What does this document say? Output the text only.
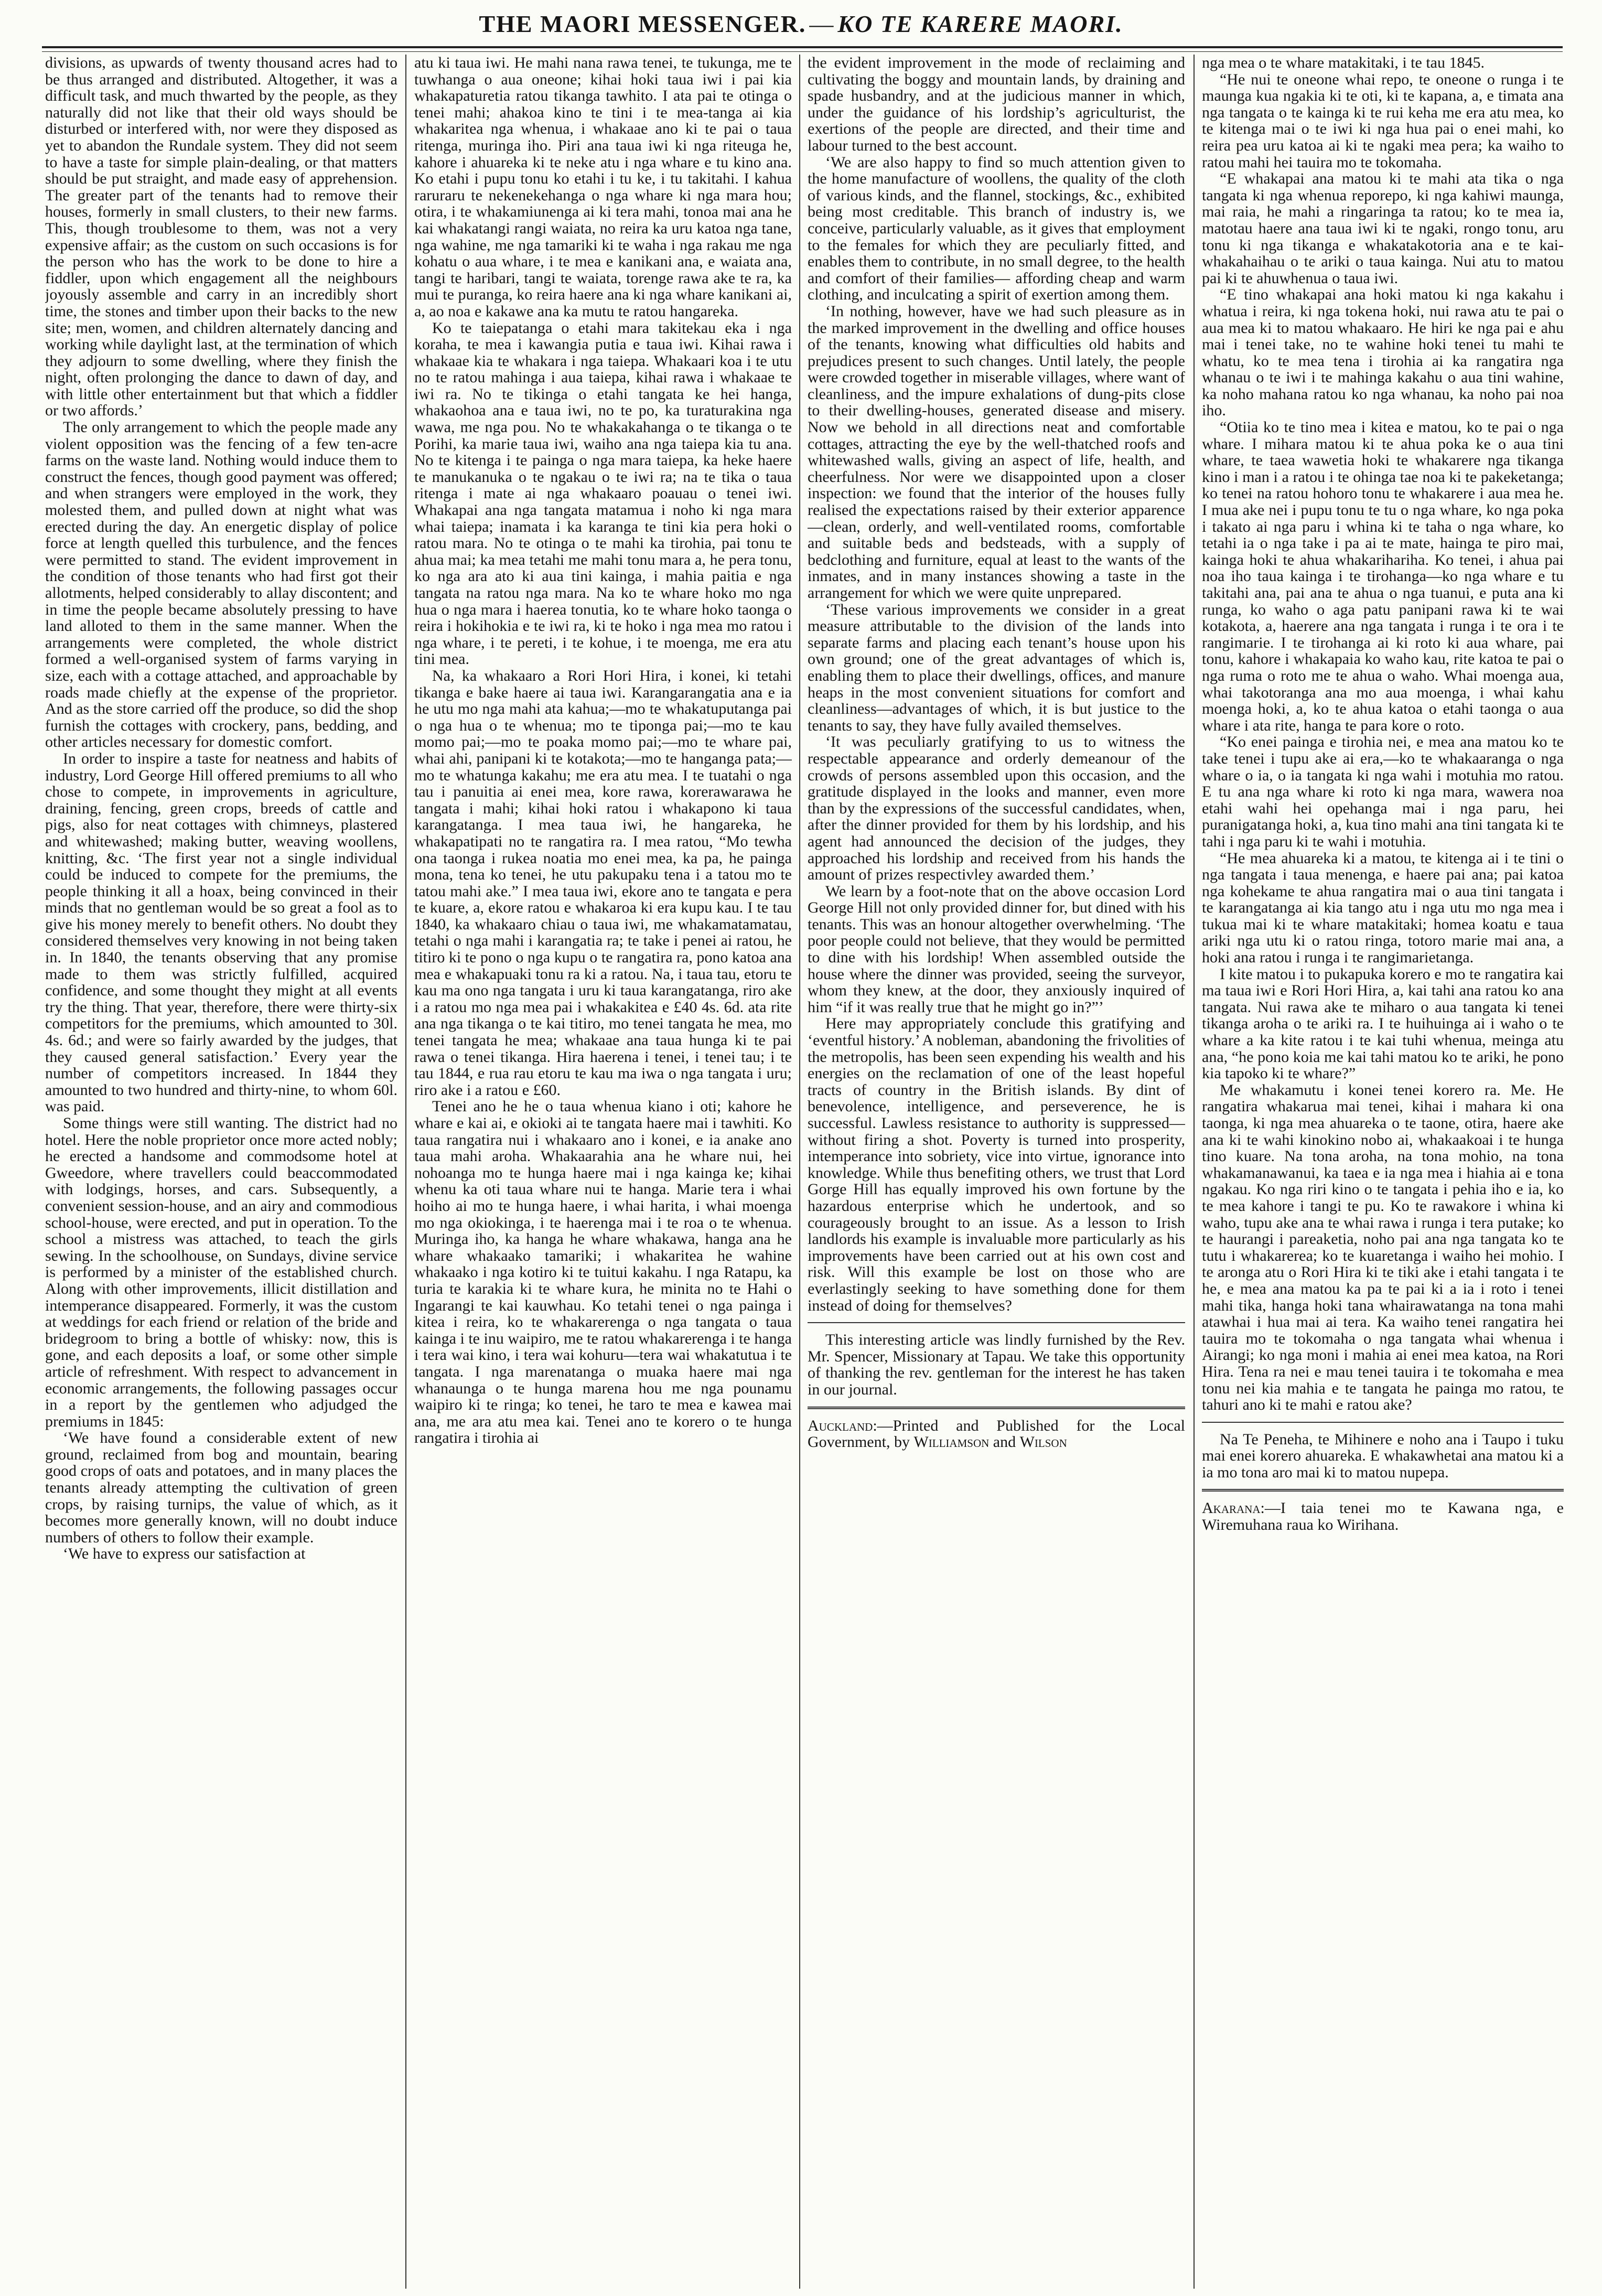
THE MAORI MESSENGER. — KO TE KARERE MAORI.

divisions, as upwards of twenty thousand acres had to be thus arranged and distributed. Altogether, it was a difficult task, and much thwarted by the people, as they naturally did not like that their old ways should be disturbed or interfered with, nor were they disposed as yet to abandon the Rundale system. They did not seem to have a taste for simple plain-dealing, or that matters should be put straight, and made easy of apprehension. The greater part of the tenants had to remove their houses, formerly in small clusters, to their new farms. This, though troublesome to them, was not a very expensive affair; as the custom on such occasions is for the person who has the work to be done to hire a fiddler, upon which engagement all the neighbours joyously assemble and carry in an incredibly short time, the stones and timber upon their backs to the new site; men, women, and children alternately dancing and working while daylight last, at the termination of which they adjourn to some dwelling, where they finish the night, often prolonging the dance to dawn of day, and with little other entertainment but that which a fiddler or two affords.’

The only arrangement to which the people made any violent opposition was the fencing of a few ten-acre farms on the waste land. Nothing would induce them to construct the fences, though good payment was offered; and when strangers were employed in the work, they molested them, and pulled down at night what was erected during the day. An energetic display of police force at length quelled this turbulence, and the fences were permitted to stand. The evident improvement in the condition of those tenants who had first got their allotments, helped considerably to allay discontent; and in time the people became absolutely pressing to have land alloted to them in the same manner. When the arrangements were completed, the whole district formed a well-organised system of farms varying in size, each with a cottage attached, and approachable by roads made chiefly at the expense of the proprietor. And as the store carried off the produce, so did the shop furnish the cottages with crockery, pans, bedding, and other articles necessary for domestic comfort.

In order to inspire a taste for neatness and habits of industry, Lord George Hill offered premiums to all who chose to compete, in improvements in agriculture, draining, fencing, green crops, breeds of cattle and pigs, also for neat cottages with chimneys, plastered and whitewashed; making butter, weaving woollens, knitting, &c. ‘The first year not a single individual could be induced to compete for the premiums, the people thinking it all a hoax, being convinced in their minds that no gentleman would be so great a fool as to give his money merely to benefit others. No doubt they considered themselves very knowing in not being taken in. In 1840, the tenants observing that any promise made to them was strictly fulfilled, acquired confidence, and some thought they might at all events try the thing. That year, therefore, there were thirty-six competitors for the premiums, which amounted to 30l. 4s. 6d.; and were so fairly awarded by the judges, that they caused general satisfaction.’ Every year the number of competitors increased. In 1844 they amounted to two hundred and thirty-nine, to whom 60l. was paid.

Some things were still wanting. The district had no hotel. Here the noble proprietor once more acted nobly; he erected a handsome and commodsome hotel at Gweedore, where travellers could beaccommodated with lodgings, horses, and cars. Subsequently, a convenient session-house, and an airy and commodious school-house, were erected, and put in operation. To the school a mistress was attached, to teach the girls sewing. In the schoolhouse, on Sundays, divine service is performed by a minister of the established church. Along with other improvements, illicit distillation and intemperance disappeared. Formerly, it was the custom at weddings for each friend or relation of the bride and bridegroom to bring a bottle of whisky: now, this is gone, and each deposits a loaf, or some other simple article of refreshment. With respect to advancement in economic arrangements, the following passages occur in a report by the gentlemen who adjudged the premiums in 1845:

‘We have found a considerable extent of new ground, reclaimed from bog and mountain, bearing good crops of oats and potatoes, and in many places the tenants already attempting the cultivation of green crops, by raising turnips, the value of which, as it becomes more generally known, will no doubt induce numbers of others to follow their example.

‘We have to express our satisfaction at

atu ki taua iwi. He mahi nana rawa tenei, te tukunga, me te tuwhanga o aua oneone; kihai hoki taua iwi i pai kia whakapaturetia ratou tikanga tawhito. I ata pai te otinga o tenei mahi; ahakoa kino te tini i te mea-tanga ai kia whakaritea nga whenua, i whakaae ano ki te pai o taua ritenga, muringa iho. Piri ana taua iwi ki nga riteuga he, kahore i ahuareka ki te neke atu i nga whare e tu kino ana. Ko etahi i pupu tonu ko etahi i tu ke, i tu takitahi. I kahua raruraru te nekenekehanga o nga whare ki nga mara hou; otira, i te whakamiunenga ai ki tera mahi, tonoa mai ana he kai whakatangi rangi waiata, no reira ka uru katoa nga tane, nga wahine, me nga tamariki ki te waha i nga rakau me nga kohatu o aua whare, i te mea e kanikani ana, e waiata ana, tangi te haribari, tangi te waiata, torenge rawa ake te ra, ka mui te puranga, ko reira haere ana ki nga whare kanikani ai, a, ao noa e kakawe ana ka mutu te ratou hangareka.

Ko te taiepatanga o etahi mara takitekau eka i nga koraha, te mea i kawangia putia e taua iwi. Kihai rawa i whakaae kia te whakara i nga taiepa. Whakaari koa i te utu no te ratou mahinga i aua taiepa, kihai rawa i whakaae te iwi ra. No te tikinga o etahi tangata ke hei hanga, whakaohoa ana e taua iwi, no te po, ka turaturakina nga wawa, me nga pou. No te whakakahanga o te tikanga o te Porihi, ka marie taua iwi, waiho ana nga taiepa kia tu ana. No te kitenga i te painga o nga mara taiepa, ka heke haere te manukanuka o te ngakau o te iwi ra; na te tika o taua ritenga i mate ai nga whakaaro poauau o tenei iwi. Whakapai ana nga tangata matamua i noho ki nga mara whai taiepa; inamata i ka karanga te tini kia pera hoki o ratou mara. No te otinga o te mahi ka tirohia, pai tonu te ahua mai; ka mea tetahi me mahi tonu mara a, he pera tonu, ko nga ara ato ki aua tini kainga, i mahia paitia e nga tangata na ratou nga mara. Na ko te whare hoko mo nga hua o nga mara i haerea tonutia, ko te whare hoko taonga o reira i hokihokia e te iwi ra, ki te hoko i nga mea mo ratou i nga whare, i te pereti, i te kohue, i te moenga, me era atu tini mea.

Na, ka whakaaro a Rori Hori Hira, i konei, ki tetahi tikanga e bake haere ai taua iwi. Karangarangatia ana e ia he utu mo nga mahi ata kahua;—mo te whakatuputanga pai o nga hua o te whenua; mo te tiponga pai;—mo te kau momo pai;—mo te poaka momo pai;—mo te whare pai, whai ahi, panipani ki te kotakota;—mo te hanganga pata;—mo te whatunga kakahu; me era atu mea. I te tuatahi o nga tau i panuitia ai enei mea, kore rawa, korerawarawa he tangata i mahi; kihai hoki ratou i whakapono ki taua karangatanga. I mea taua iwi, he hangareka, he whakapatipati no te rangatira ra. I mea ratou, “Mo tewha ona taonga i rukea noatia mo enei mea, ka pa, he painga mona, tena ko tenei, he utu pakupaku tena i a tatou mo te tatou mahi ake.” I mea taua iwi, ekore ano te tangata e pera te kuare, a, ekore ratou e whakaroa ki era kupu kau. I te tau 1840, ka whakaaro chiau o taua iwi, me whakamatamatau, tetahi o nga mahi i karangatia ra; te take i penei ai ratou, he titiro ki te pono o nga kupu o te rangatira ra, pono katoa ana mea e whakapuaki tonu ra ki a ratou. Na, i taua tau, etoru te kau ma ono nga tangata i uru ki taua karangatanga, riro ake i a ratou mo nga mea pai i whakakitea e £40 4s. 6d. ata rite ana nga tikanga o te kai titiro, mo tenei tangata he mea, mo tenei tangata he mea; whakaae ana taua hunga ki te pai rawa o tenei tikanga. Hira haerena i tenei, i tenei tau; i te tau 1844, e rua rau etoru te kau ma iwa o nga tangata i uru; riro ake i a ratou e £60.

Tenei ano he he o taua whenua kiano i oti; kahore he whare e kai ai, e okioki ai te tangata haere mai i tawhiti. Ko taua rangatira nui i whakaaro ano i konei, e ia anake ano taua mahi aroha. Whakaarahia ana he whare nui, hei nohoanga mo te hunga haere mai i nga kainga ke; kihai whenu ka oti taua whare nui te hanga. Marie tera i whai hoiho ai mo te hunga haere, i whai harita, i whai moenga mo nga okiokinga, i te haerenga mai i te roa o te whenua. Muringa iho, ka hanga he whare whakawa, hanga ana he whare whakaako tamariki; i whakaritea he wahine whakaako i nga kotiro ki te tuitui kakahu. I nga Ratapu, ka turia te karakia ki te whare kura, he minita no te Hahi o Ingarangi te kai kauwhau. Ko tetahi tenei o nga painga i kitea i reira, ko te whakarerenga o nga tangata o taua kainga i te inu waipiro, me te ratou whakarerenga i te hanga i tera wai kino, i tera wai kohuru—tera wai whakatutua i te tangata. I nga marenatanga o muaka haere mai nga whanaunga o te hunga marena hou me nga pounamu waipiro ki te ringa; ko tenei, he taro te mea e kawea mai ana, me ara atu mea kai. Tenei ano te korero o te hunga rangatira i tirohia ai

the evident improvement in the mode of reclaiming and cultivating the boggy and mountain lands, by draining and spade husbandry, and at the judicious manner in which, under the guidance of his lordship’s agriculturist, the exertions of the people are directed, and their time and labour turned to the best account.

‘We are also happy to find so much attention given to the home manufacture of woollens, the quality of the cloth of various kinds, and the flannel, stockings, &c., exhibited being most creditable. This branch of industry is, we conceive, particularly valuable, as it gives that employment to the females for which they are peculiarly fitted, and enables them to contribute, in no small degree, to the health and comfort of their families— affording cheap and warm clothing, and inculcating a spirit of exertion among them.

‘In nothing, however, have we had such pleasure as in the marked improvement in the dwelling and office houses of the tenants, knowing what difficulties old habits and prejudices present to such changes. Until lately, the people were crowded together in miserable villages, where want of cleanliness, and the impure exhalations of dung-pits close to their dwelling-houses, generated disease and misery. Now we behold in all directions neat and comfortable cottages, attracting the eye by the well-thatched roofs and whitewashed walls, giving an aspect of life, health, and cheerfulness. Nor were we disappointed upon a closer inspection: we found that the interior of the houses fully realised the expectations raised by their exterior apparence—clean, orderly, and well-ventilated rooms, comfortable and suitable beds and bedsteads, with a supply of bedclothing and furniture, equal at least to the wants of the inmates, and in many instances showing a taste in the arrangement for which we were quite unprepared.

‘These various improvements we consider in a great measure attributable to the division of the lands into separate farms and placing each tenant’s house upon his own ground; one of the great advantages of which is, enabling them to place their dwellings, offices, and manure heaps in the most convenient situations for comfort and cleanliness—advantages of which, it is but justice to the tenants to say, they have fully availed themselves.

‘It was peculiarly gratifying to us to witness the respectable appearance and orderly demeanour of the crowds of persons assembled upon this occasion, and the gratitude displayed in the looks and manner, even more than by the expressions of the successful candidates, when, after the dinner provided for them by his lordship, and his agent had announced the decision of the judges, they approached his lordship and received from his hands the amount of prizes respectivley awarded them.’

We learn by a foot-note that on the above occasion Lord George Hill not only provided dinner for, but dined with his tenants. This was an honour altogether overwhelming. ‘The poor people could not believe, that they would be permitted to dine with his lordship! When assembled outside the house where the dinner was provided, seeing the surveyor, whom they knew, at the door, they anxiously inquired of him “if it was really true that he might go in?”’

Here may appropriately conclude this gratifying and ‘eventful history.’ A nobleman, abandoning the frivolities of the metropolis, has been seen expending his wealth and his energies on the reclamation of one of the least hopeful tracts of country in the British islands. By dint of benevolence, intelligence, and perseverence, he is successful. Lawless resistance to authority is suppressed—without firing a shot. Poverty is turned into prosperity, intemperance into sobriety, vice into virtue, ignorance into knowledge. While thus benefiting others, we trust that Lord Gorge Hill has equally improved his own fortune by the hazardous enterprise which he undertook, and so courageously brought to an issue. As a lesson to Irish landlords his example is invaluable more particularly as his improvements have been carried out at his own cost and risk. Will this example be lost on those who are everlastingly seeking to have something done for them instead of doing for themselves?

This interesting article was lindly furnished by the Rev. Mr. Spencer, Missionary at Tapau. We take this opportunity of thanking the rev. gentleman for the interest he has taken in our journal.

Auckland:—Printed and Published for the Local Government, by Williamson and Wilson

nga mea o te whare matakitaki, i te tau 1845.

“He nui te oneone whai repo, te oneone o runga i te maunga kua ngakia ki te oti, ki te kapana, a, e timata ana nga tangata o te kainga ki te rui keha me era atu mea, ko te kitenga mai o te iwi ki nga hua pai o enei mahi, ko reira pea uru katoa ai ki te ngaki mea pera; ka waiho to ratou mahi hei tauira mo te tokomaha.

“E whakapai ana matou ki te mahi ata tika o nga tangata ki nga whenua reporepo, ki nga kahiwi maunga, mai raia, he mahi a ringaringa ta ratou; ko te mea ia, matotau haere ana taua iwi ki te ngaki, rongo tonu, aru tonu ki nga tikanga e whakatakotoria ana e te kai-whakahaihau o te ariki o taua kainga. Nui atu to matou pai ki te ahuwhenua o taua iwi.

“E tino whakapai ana hoki matou ki nga kakahu i whatua i reira, ki nga tokena hoki, nui rawa atu te pai o aua mea ki to matou whakaaro. He hiri ke nga pai e ahu mai i tenei take, no te wahine hoki tenei tu mahi te whatu, ko te mea tena i tirohia ai ka rangatira nga whanau o te iwi i te mahinga kakahu o aua tini wahine, ka noho mahana ratou ko nga whanau, ka noho pai noa iho.

“Otiia ko te tino mea i kitea e matou, ko te pai o nga whare. I mihara matou ki te ahua poka ke o aua tini whare, te taea wawetia hoki te whakarere nga tikanga kino i man i a ratou i te ohinga tae noa ki te pakeketanga; ko tenei na ratou hohoro tonu te whakarere i aua mea he. I mua ake nei i pupu tonu te tu o nga whare, ko nga poka i takato ai nga paru i whina ki te taha o nga whare, ko tetahi ia o nga take i pa ai te mate, hainga te piro mai, kainga hoki te ahua whakarihariha. Ko tenei, i ahua pai noa iho taua kainga i te tirohanga—ko nga whare e tu takitahi ana, pai ana te ahua o nga tuanui, e puta ana ki runga, ko waho o aga patu panipani rawa ki te wai kotakota, a, haerere ana nga tangata i runga i te ora i te rangimarie. I te tirohanga ai ki roto ki aua whare, pai tonu, kahore i whakapaia ko waho kau, rite katoa te pai o nga ruma o roto me te ahua o waho. Whai moenga aua, whai takotoranga ana mo aua moenga, i whai kahu moenga hoki, a, ko te ahua katoa o etahi taonga o aua whare i ata rite, hanga te para kore o roto.

“Ko enei painga e tirohia nei, e mea ana matou ko te take tenei i tupu ake ai era,—ko te whakaaranga o nga whare o ia, o ia tangata ki nga wahi i motuhia mo ratou. E tu ana nga whare ki roto ki nga mara, wawera noa etahi wahi hei opehanga mai i nga paru, hei puranigatanga hoki, a, kua tino mahi ana tini tangata ki te tahi i nga paru ki te wahi i motuhia.

“He mea ahuareka ki a matou, te kitenga ai i te tini o nga tangata i taua menenga, e haere pai ana; pai katoa nga kohekame te ahua rangatira mai o aua tini tangata i te karangatanga ai kia tango atu i nga utu mo nga mea i tukua mai ki te whare matakitaki; homea koatu e taua ariki nga utu ki o ratou ringa, totoro marie mai ana, a hoki ana ratou i runga i te rangimarietanga.

I kite matou i to pukapuka korero e mo te rangatira kai ma taua iwi e Rori Hori Hira, a, kai tahi ana ratou ko ana tangata. Nui rawa ake te miharo o aua tangata ki tenei tikanga aroha o te ariki ra. I te huihuinga ai i waho o te whare a ka kite ratou i te kai tuhi whenua, meinga atu ana, “he pono koia me kai tahi matou ko te ariki, he pono kia tapoko ki te whare?”

Me whakamutu i konei tenei korero ra. Me. He rangatira whakarua mai tenei, kihai i mahara ki ona taonga, ki nga mea ahuareka o te taone, otira, haere ake ana ki te wahi kinokino nobo ai, whakaakoai i te hunga tino kuare. Na tona aroha, na tona mohio, na tona whakamanawanui, ka taea e ia nga mea i hiahia ai e tona ngakau. Ko nga riri kino o te tangata i pehia iho e ia, ko te mea kahore i tangi te pu. Ko te rawakore i whina ki waho, tupu ake ana te whai rawa i runga i tera putake; ko te haurangi i pareaketia, noho pai ana nga tangata ko te tutu i whakarerea; ko te kuaretanga i waiho hei mohio. I te aronga atu o Rori Hira ki te tiki ake i etahi tangata i te he, e mea ana matou ka pa te pai ki a ia i roto i tenei mahi tika, hanga hoki tana whairawatanga na tona mahi atawhai i hua mai ai tera. Ka waiho tenei rangatira hei tauira mo te tokomaha o nga tangata whai whenua i Airangi; ko nga moni i mahia ai enei mea katoa, na Rori Hira. Tena ra nei e mau tenei tauira i te tokomaha e mea tonu nei kia mahia e te tangata he painga mo ratou, te tahuri ano ki te mahi e ratou ake?

Na Te Peneha, te Mihinere e noho ana i Taupo i tuku mai enei korero ahuareka. E whakawhetai ana matou ki a ia mo tona aro mai ki to matou nupepa.

Akarana:—I taia tenei mo te Kawana nga, e Wiremuhana raua ko Wirihana.
